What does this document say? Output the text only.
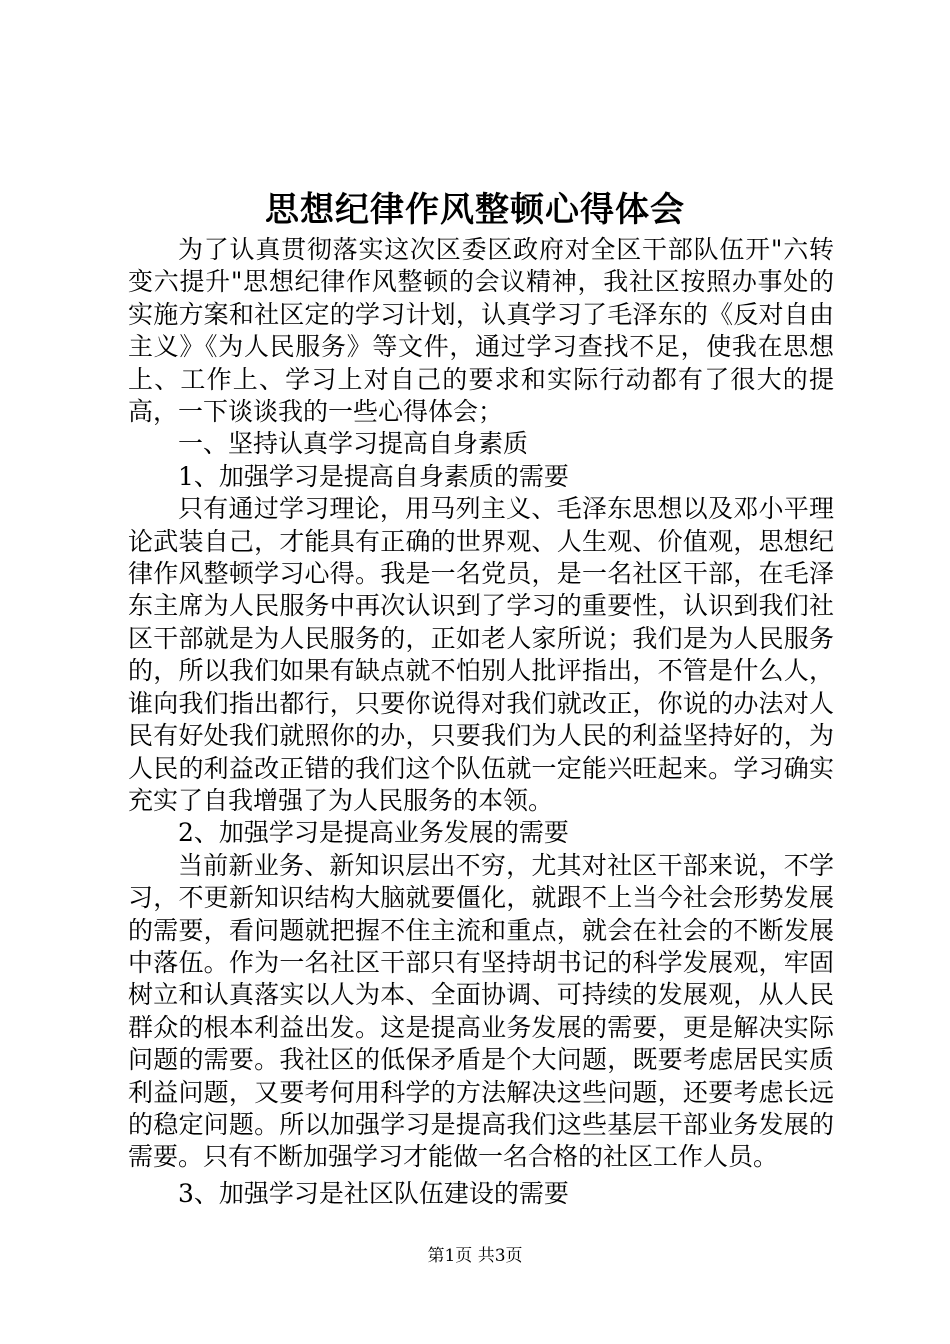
思想纪律作风整顿心得体会

为了认真贯彻落实这次区委区政府对全区干部队伍开"六转变六提升"思想纪律作风整顿的会议精神，我社区按照办事处的实施方案和社区定的学习计划，认真学习了毛泽东的《反对自由主义》《为人民服务》等文件，通过学习查找不足，使我在思想上、工作上、学习上对自己的要求和实际行动都有了很大的提高，一下谈谈我的一些心得体会；

一、坚持认真学习提高自身素质

1、加强学习是提高自身素质的需要

只有通过学习理论，用马列主义、毛泽东思想以及邓小平理论武装自己，才能具有正确的世界观、人生观、价值观，思想纪律作风整顿学习心得。我是一名党员，是一名社区干部，在毛泽东主席为人民服务中再次认识到了学习的重要性，认识到我们社区干部就是为人民服务的，正如老人家所说；我们是为人民服务的，所以我们如果有缺点就不怕别人批评指出，不管是什么人，谁向我们指出都行，只要你说得对我们就改正，你说的办法对人民有好处我们就照你的办，只要我们为人民的利益坚持好的，为人民的利益改正错的我们这个队伍就一定能兴旺起来。学习确实充实了自我增强了为人民服务的本领。

2、加强学习是提高业务发展的需要

当前新业务、新知识层出不穷，尤其对社区干部来说，不学习，不更新知识结构大脑就要僵化，就跟不上当今社会形势发展的需要，看问题就把握不住主流和重点，就会在社会的不断发展中落伍。作为一名社区干部只有坚持胡书记的科学发展观，牢固树立和认真落实以人为本、全面协调、可持续的发展观，从人民群众的根本利益出发。这是提高业务发展的需要，更是解决实际问题的需要。我社区的低保矛盾是个大问题，既要考虑居民实质利益问题，又要考何用科学的方法解决这些问题，还要考虑长远的稳定问题。所以加强学习是提高我们这些基层干部业务发展的需要。只有不断加强学习才能做一名合格的社区工作人员。

3、加强学习是社区队伍建设的需要

第1页 共3页
